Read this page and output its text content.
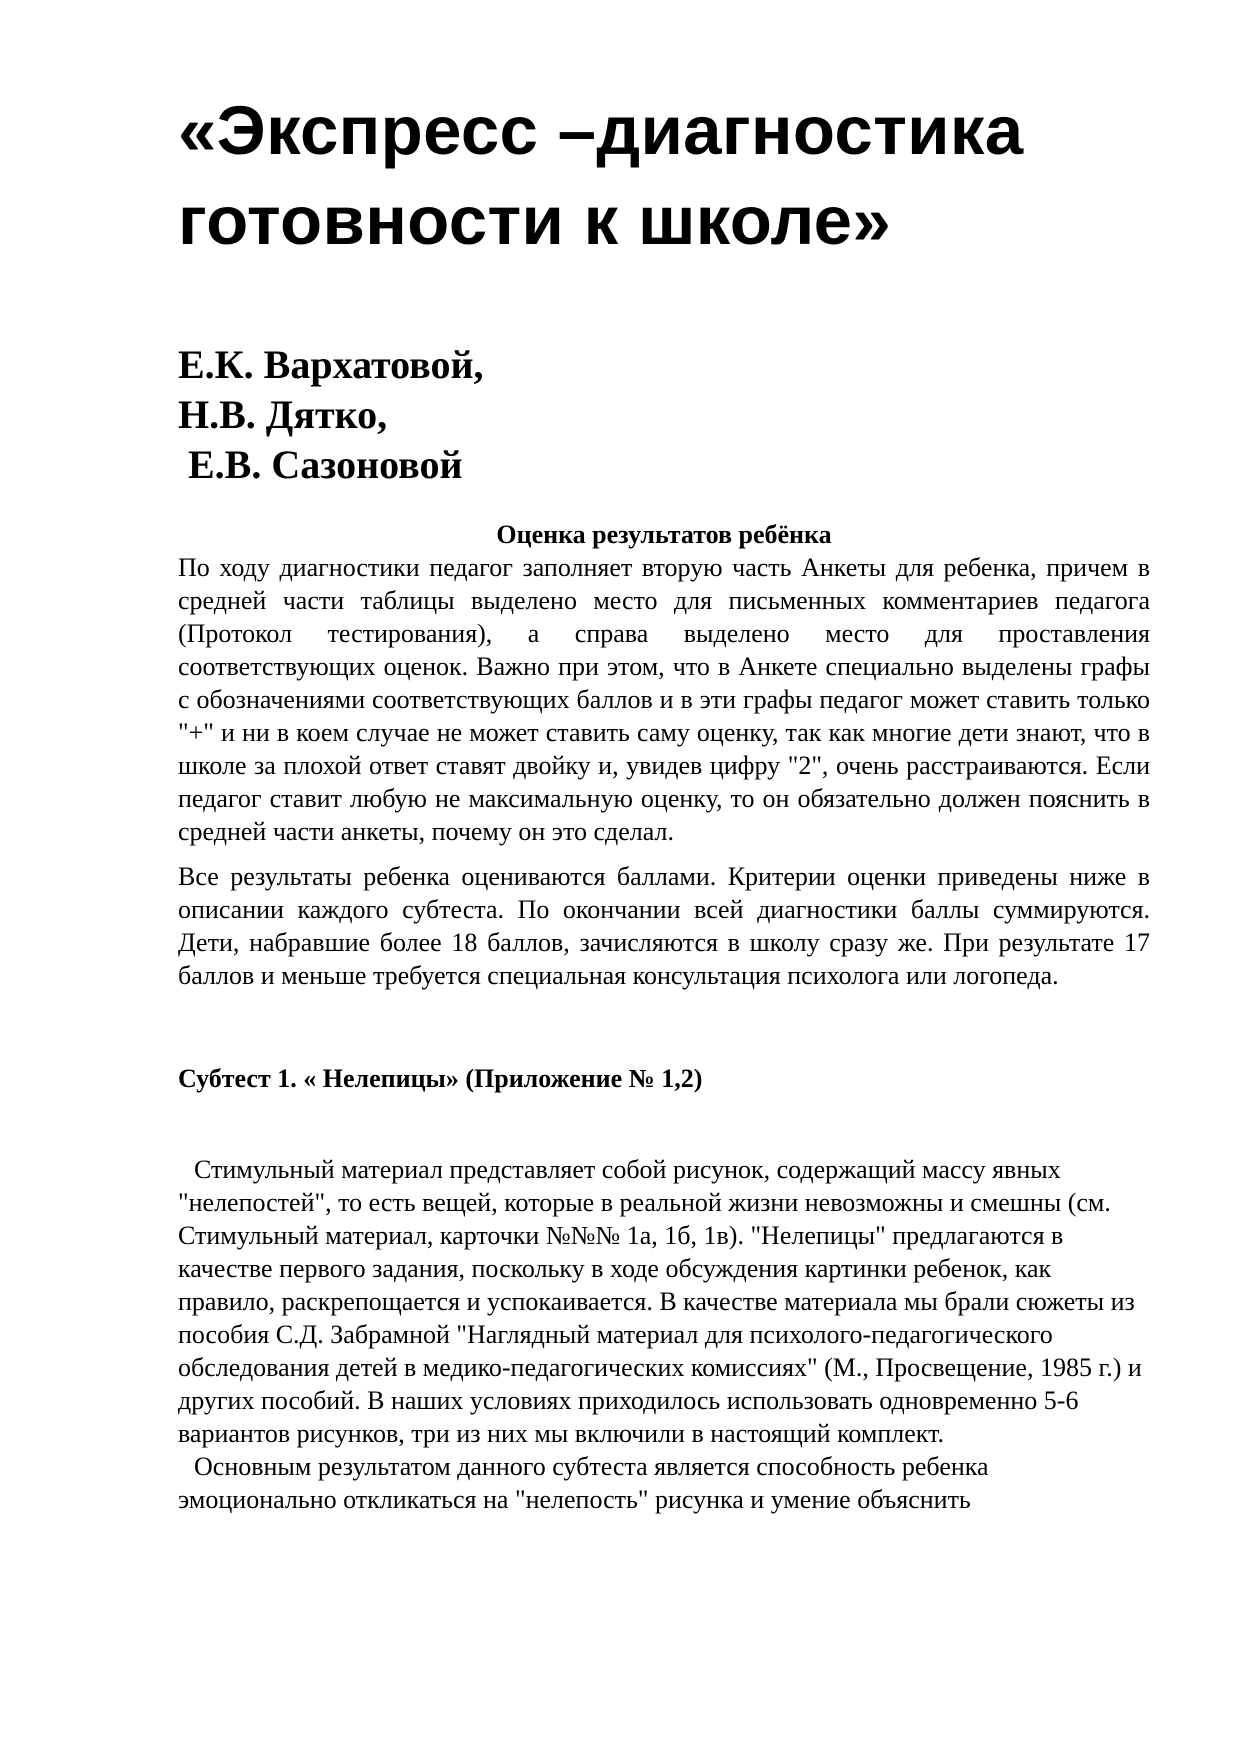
«Экспресс –диагностика
готовности к школе»
Е.К. Вархатовой,
Н.В. Дятко,
Е.В. Сазоновой
Оценка результатов ребёнка

По ходу диагностики педагог заполняет вторую часть Анкеты для ребенка, причем в средней части таблицы выделено место для письменных комментариев педагога (Протокол тестирования), а справа выделено место для проставления соответствующих оценок. Важно при этом, что в Анкете специально выделены графы с обозначениями соответствующих баллов и в эти графы педагог может ставить только "+" и ни в коем случае не может ставить саму оценку, так как многие дети знают, что в школе за плохой ответ ставят двойку и, увидев цифру "2", очень расстраиваются. Если педагог ставит любую не максимальную оценку, то он обязательно должен пояснить в средней части анкеты, почему он это сделал.

Все результаты ребенка оцениваются баллами. Критерии оценки приведены ниже в описании каждого субтеста. По окончании всей диагностики баллы суммируются. Дети, набравшие более 18 баллов, зачисляются в школу сразу же. При результате 17 баллов и меньше требуется специальная консультация психолога или логопеда.

Субтест 1. « Нелепицы» (Приложение № 1,2)

Стимульный материал представляет собой рисунок, содержащий массу явных "нелепостей", то есть вещей, которые в реальной жизни невозможны и смешны (см. Стимульный материал, карточки №№№ 1а, 1б, 1в). "Нелепицы" предлагаются в качестве первого задания, поскольку в ходе обсуждения картинки ребенок, как правило, раскрепощается и успокаивается. В качестве материала мы брали сюжеты из пособия С.Д. Забрамной "Наглядный материал для психолого-педагогического обследования детей в медико-педагогических комиссиях" (М., Просвещение, 1985 г.) и других пособий. В наших условиях приходилось использовать одновременно 5-6 вариантов рисунков, три из них мы включили в настоящий комплект.

Основным результатом данного субтеста является способность ребенка эмоционально откликаться на "нелепость" рисунка и умение объяснить
